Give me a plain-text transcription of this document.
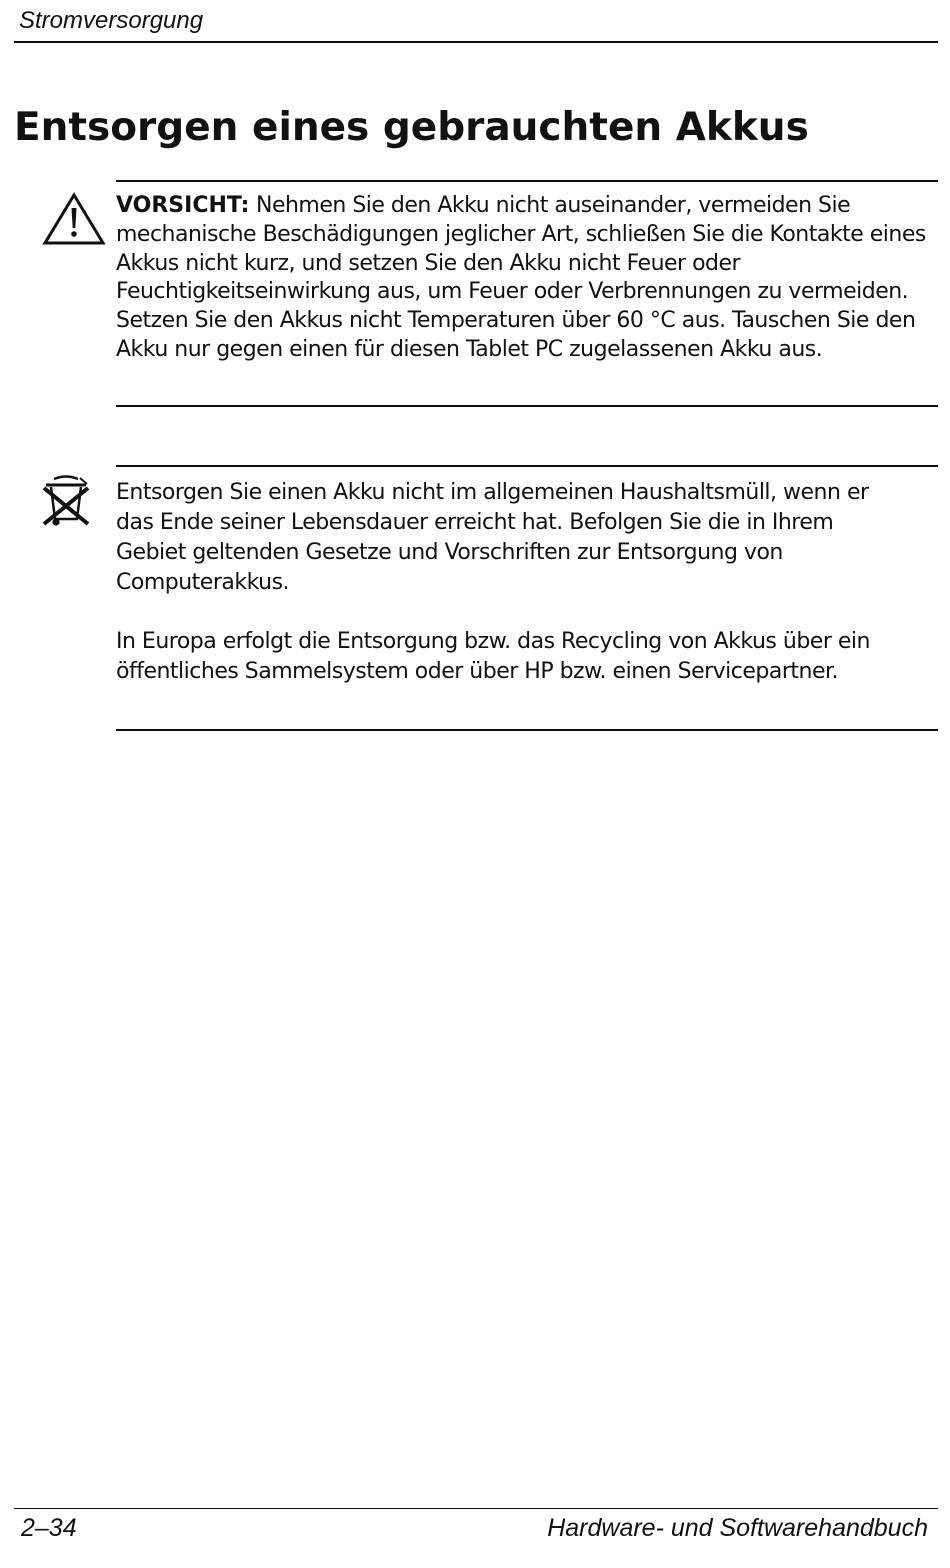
Stromversorgung
Entsorgen eines gebrauchten Akkus

VORSICHT: Nehmen Sie den Akku nicht auseinander, vermeiden Sie mechanische Beschädigungen jeglicher Art, schließen Sie die Kontakte eines Akkus nicht kurz, und setzen Sie den Akku nicht Feuer oder Feuchtigkeitseinwirkung aus, um Feuer oder Verbrennungen zu vermeiden. Setzen Sie den Akkus nicht Temperaturen über 60 °C aus. Tauschen Sie den Akku nur gegen einen für diesen Tablet PC zugelassenen Akku aus.

Entsorgen Sie einen Akku nicht im allgemeinen Haushaltsmüll, wenn er das Ende seiner Lebensdauer erreicht hat. Befolgen Sie die in Ihrem Gebiet geltenden Gesetze und Vorschriften zur Entsorgung von Computerakkus.

In Europa erfolgt die Entsorgung bzw. das Recycling von Akkus über ein öffentliches Sammelsystem oder über HP bzw. einen Servicepartner.

2–34	Hardware- und Softwarehandbuch
